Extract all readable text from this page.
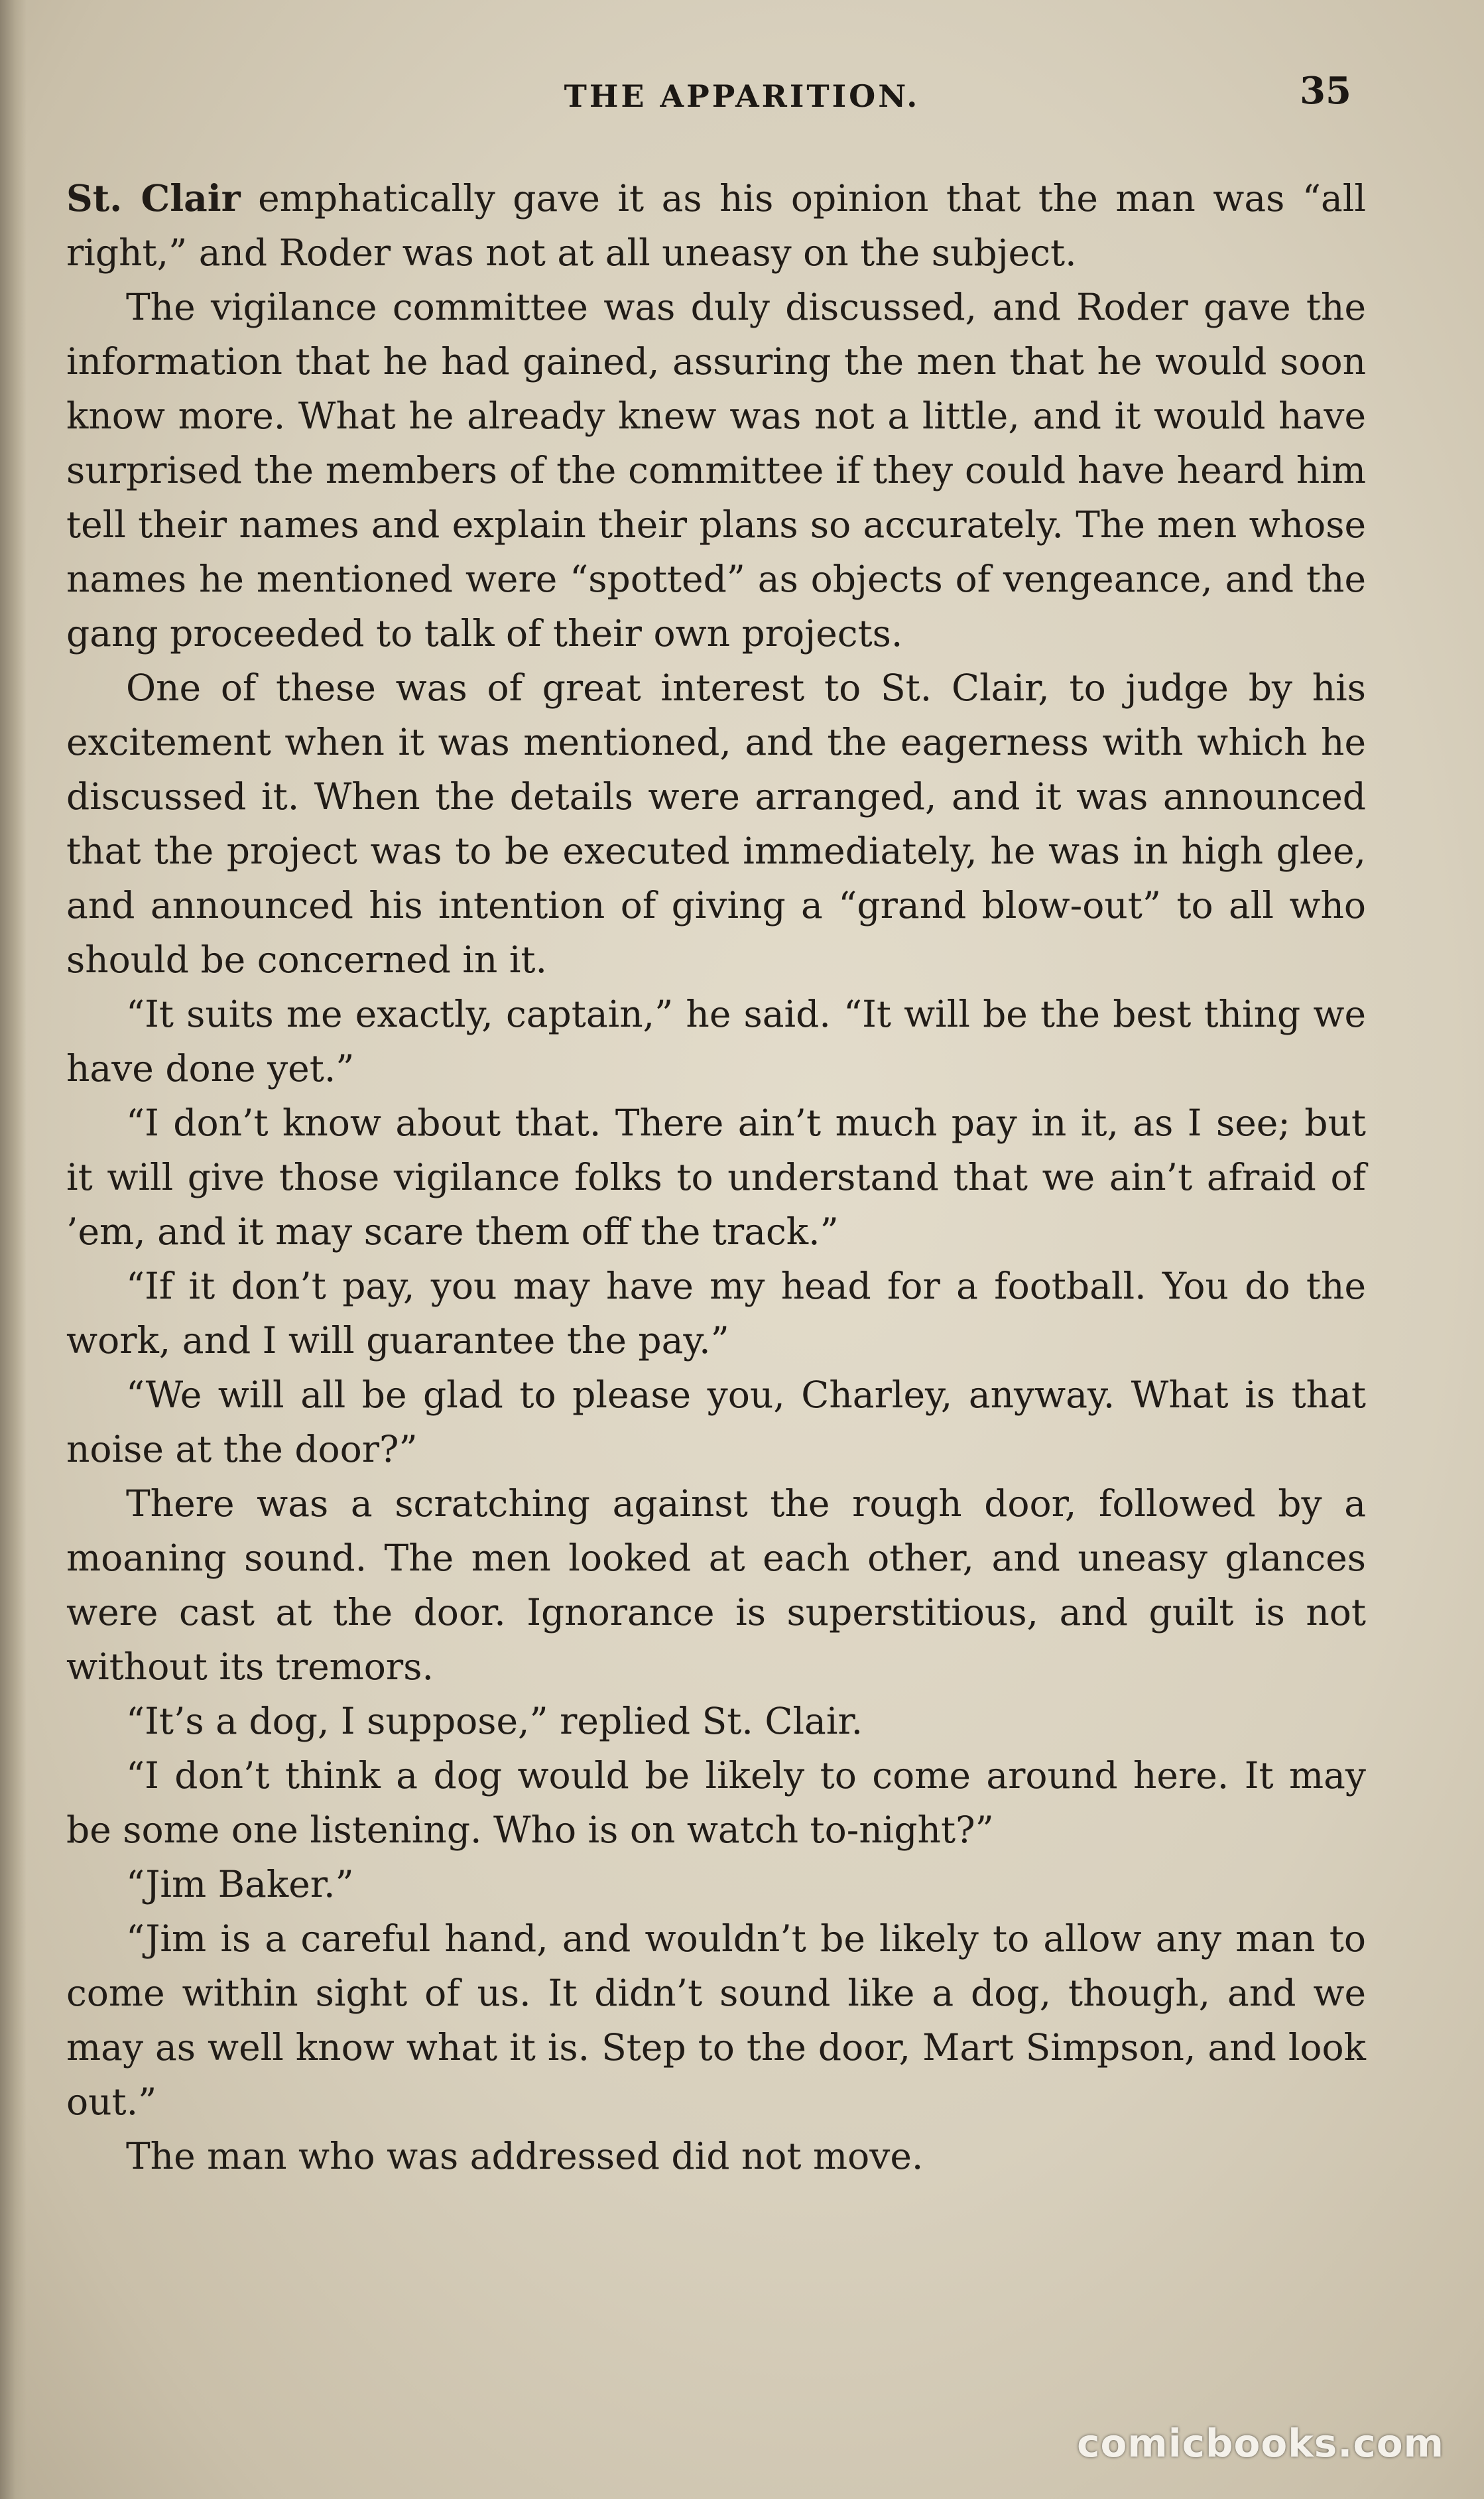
THE APPARITION.	35

St. Clair emphatically gave it as his opinion that the man was “all right,” and Roder was not at all uneasy on the subject.

The vigilance committee was duly discussed, and Roder gave the information that he had gained, assuring the men that he would soon know more. What he already knew was not a little, and it would have surprised the members of the committee if they could have heard him tell their names and explain their plans so accurately. The men whose names he mentioned were “spotted” as objects of vengeance, and the gang proceeded to talk of their own projects.

One of these was of great interest to St. Clair, to judge by his excitement when it was mentioned, and the eagerness with which he discussed it. When the details were arranged, and it was announced that the project was to be executed immediately, he was in high glee, and announced his intention of giving a “grand blow-out” to all who should be concerned in it.

“It suits me exactly, captain,” he said. “It will be the best thing we have done yet.”

“I don’t know about that. There ain’t much pay in it, as I see; but it will give those vigilance folks to understand that we ain’t afraid of ’em, and it may scare them off the track.”

“If it don’t pay, you may have my head for a football. You do the work, and I will guarantee the pay.”

“We will all be glad to please you, Charley, anyway. What is that noise at the door?”

There was a scratching against the rough door, followed by a moaning sound. The men looked at each other, and uneasy glances were cast at the door. Ignorance is superstitious, and guilt is not without its tremors.

“It’s a dog, I suppose,” replied St. Clair.

“I don’t think a dog would be likely to come around here. It may be some one listening. Who is on watch to-night?”

“Jim Baker.”

“Jim is a careful hand, and wouldn’t be likely to allow any man to come within sight of us. It didn’t sound like a dog, though, and we may as well know what it is. Step to the door, Mart Simpson, and look out.”

The man who was addressed did not move.

comicbooks.com
